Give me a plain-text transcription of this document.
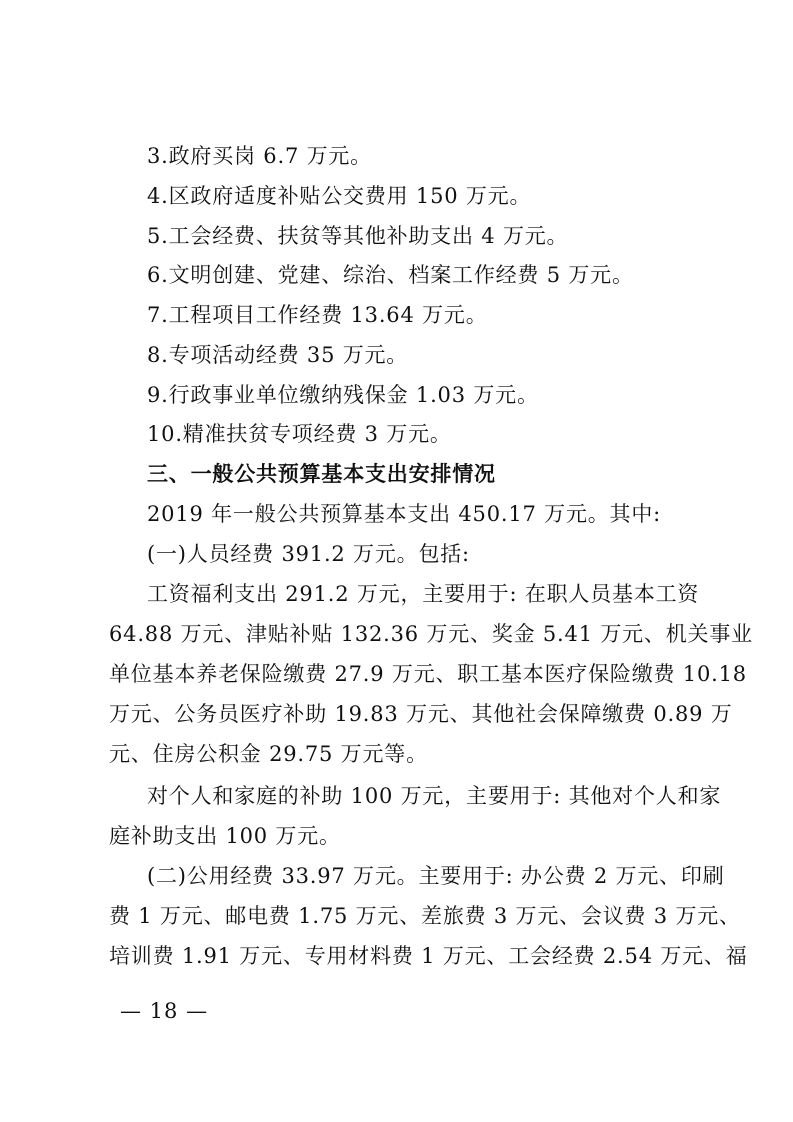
3.政府买岗 6.7 万元。
4.区政府适度补贴公交费用 150 万元。
5.工会经费、扶贫等其他补助支出 4 万元。
6.文明创建、党建、综治、档案工作经费 5 万元。
7.工程项目工作经费 13.64 万元。
8.专项活动经费 35 万元。
9.行政事业单位缴纳残保金 1.03 万元。
10.精准扶贫专项经费 3 万元。
三、一般公共预算基本支出安排情况
2019 年一般公共预算基本支出 450.17 万元。其中:
(一)人员经费 391.2 万元。包括:
工资福利支出 291.2 万元，主要用于: 在职人员基本工资
64.88 万元、津贴补贴 132.36 万元、奖金 5.41 万元、机关事业
单位基本养老保险缴费 27.9 万元、职工基本医疗保险缴费 10.18
万元、公务员医疗补助 19.83 万元、其他社会保障缴费 0.89 万
元、住房公积金 29.75 万元等。
对个人和家庭的补助 100 万元，主要用于: 其他对个人和家
庭补助支出 100 万元。
(二)公用经费 33.97 万元。主要用于: 办公费 2 万元、印刷
费 1 万元、邮电费 1.75 万元、差旅费 3 万元、会议费 3 万元、
培训费 1.91 万元、专用材料费 1 万元、工会经费 2.54 万元、福
— 18 —
